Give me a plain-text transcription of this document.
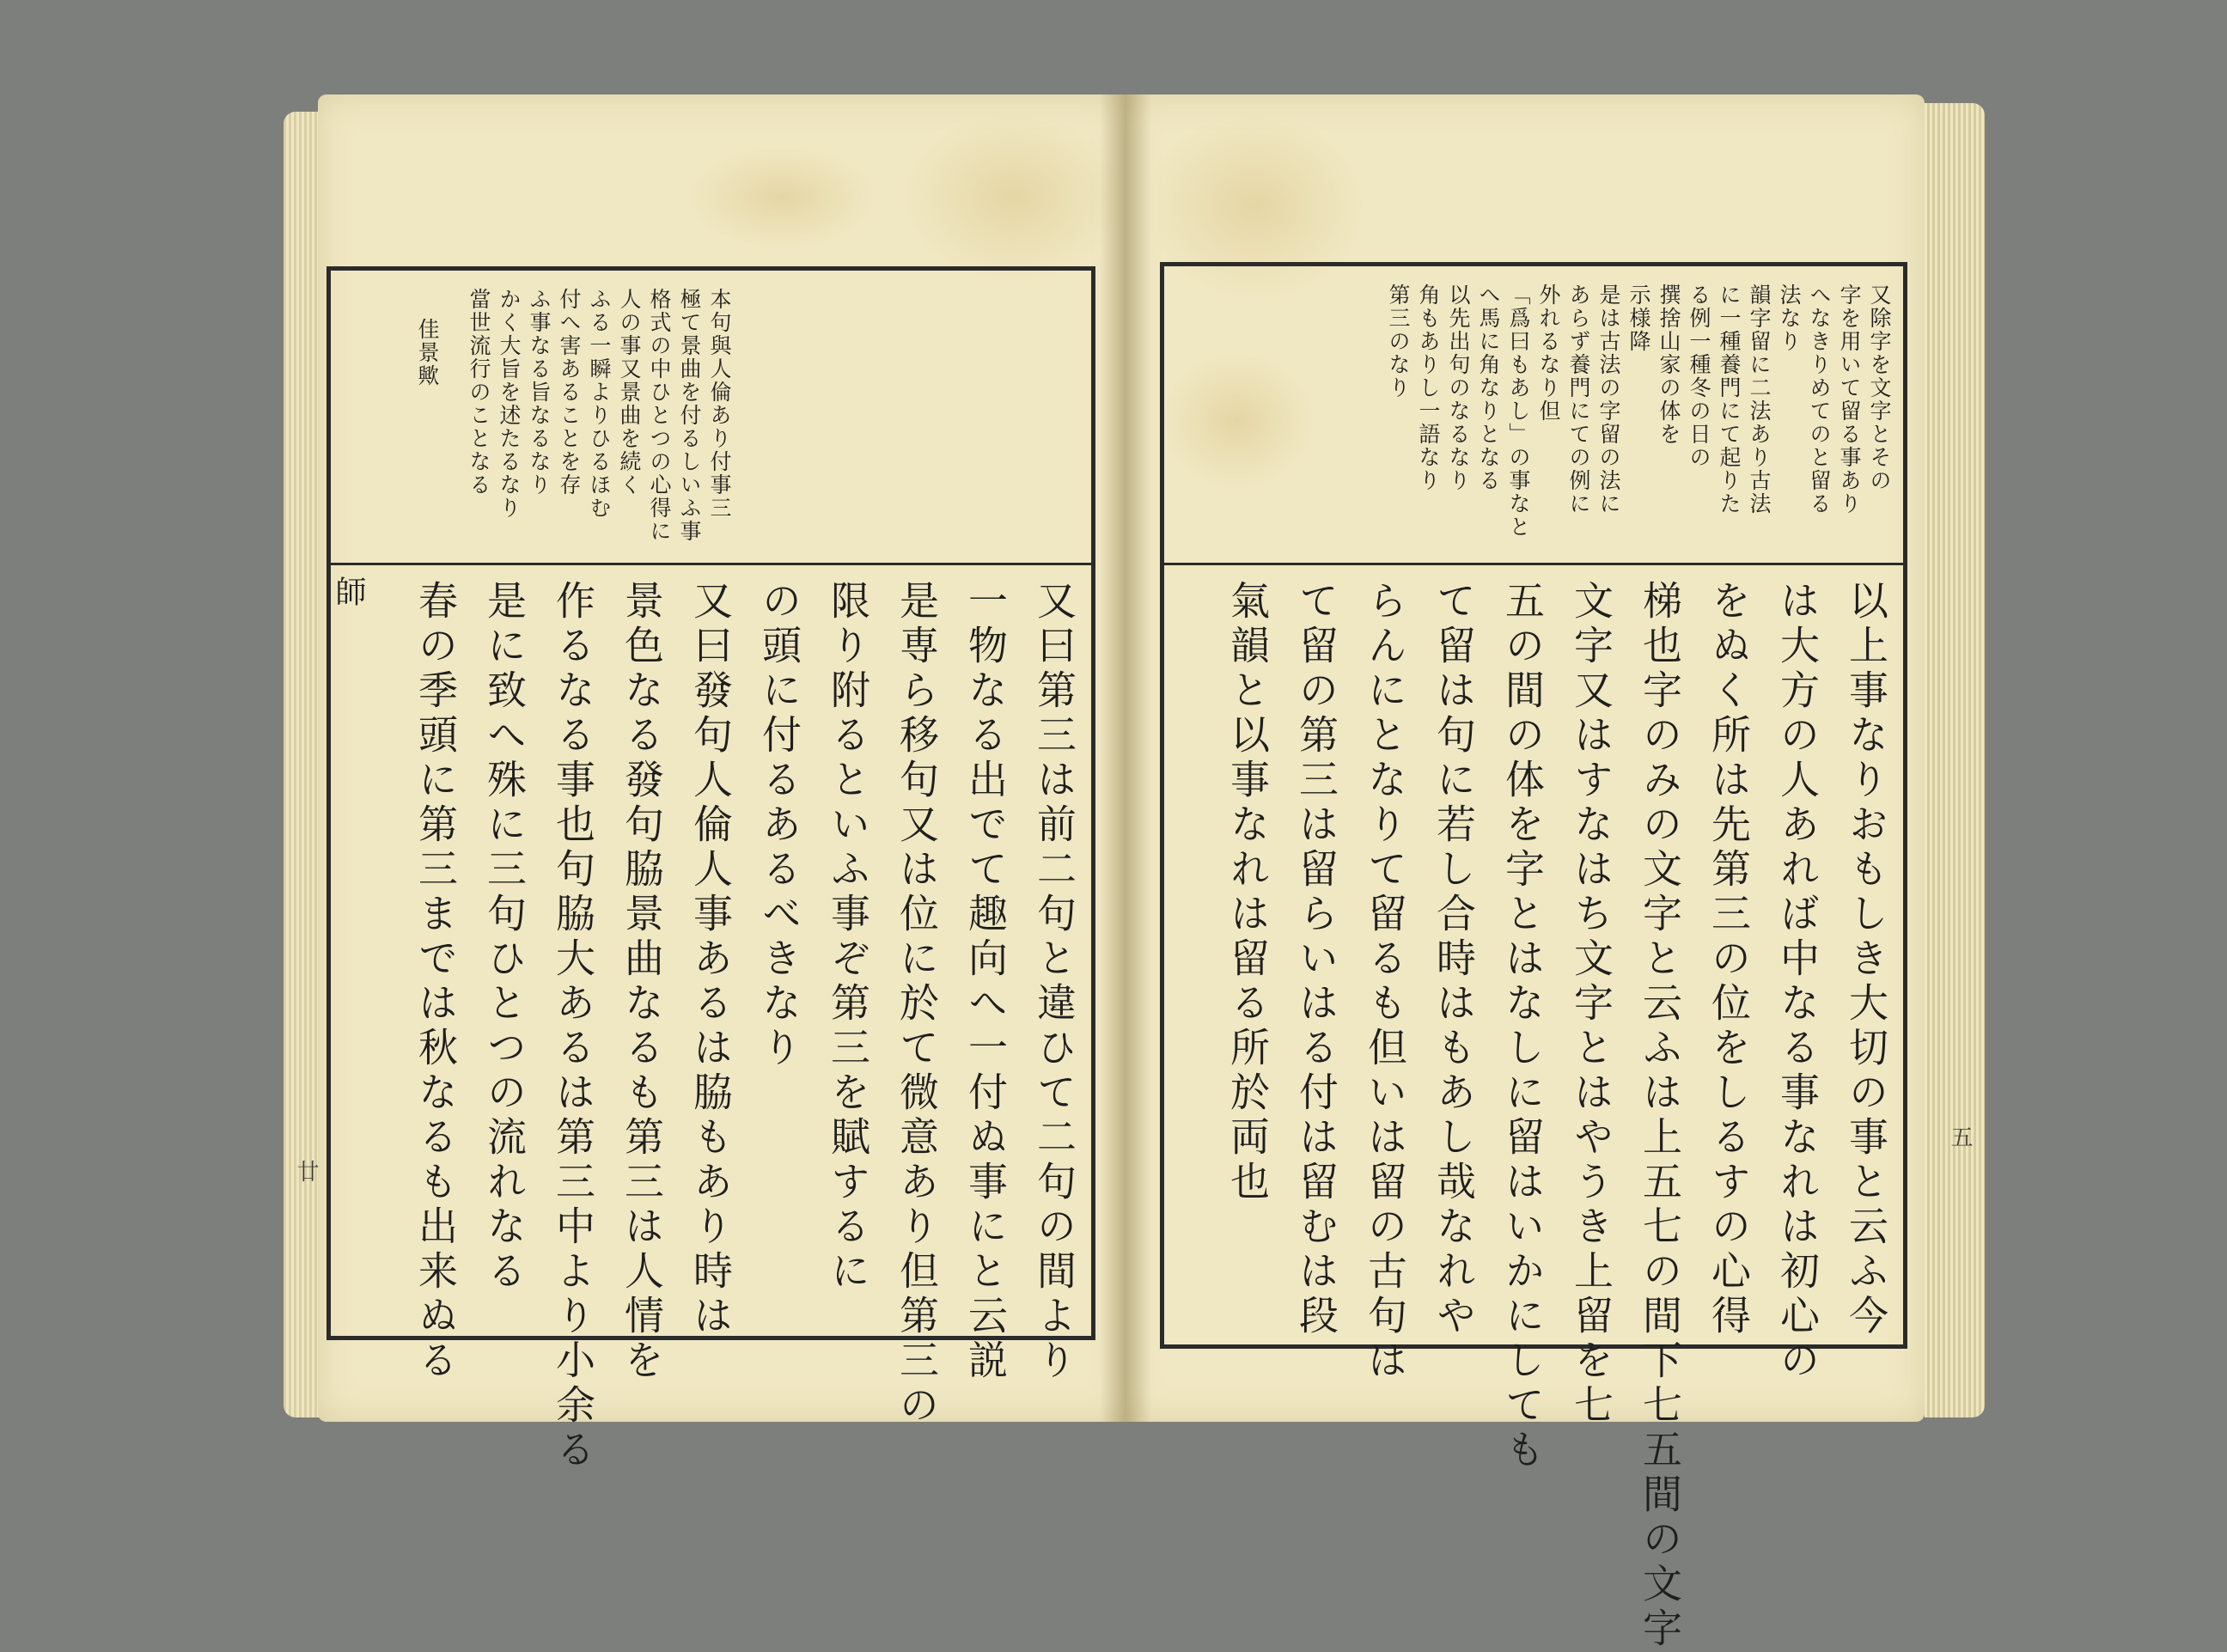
本句與人倫あり付事三
極て景曲を付るしいふ事
格式の中ひとつの心得に
人の事又景曲を続く
ふる一瞬よりひるほむ
付へ害あることを存
ふ事なる旨なるなり
かく大旨を述たるなり
當世流行のことなる
佳景歟
又曰第三は前二句と違ひて二句の間より
一物なる出でて趣向へ一付ぬ事にと云説
是専ら移句又は位に於て微意あり但第三の
限り附るといふ事ぞ第三を賦するに
の頭に付るあるべきなり
又曰發句人倫人事あるは脇もあり時は
景色なる發句脇景曲なるも第三は人情を
作るなる事也句脇大あるは第三中より小余る
是に致へ殊に三句ひとつの流れなる
春の季頭に第三までは秋なるも出来ぬる
師
廿
又除字を文字とその
字を用いて留る事あり
へなきりめてのと留る
法なり
韻字留に二法あり古法
に一種養門にて起りた
る例一種冬の日の
撰捨山家の体を
示様降
是は古法の字留の法に
あらず養門にての例に
外れるなり但
「爲曰もあし」の事なと
へ馬に角なりとなる
以先出句のなるなり
角もありし一語なり
第三のなり
以上事なりおもしき大切の事と云ふ今
は大方の人あれば中なる事なれは初心の
をぬく所は先第三の位をしるすの心得
梯也字のみの文字と云ふは上五七の間下七五間の文字
文字又はすなはち文字とはやうき上留を七
五の間の体を字とはなしに留はいかにしても
て留は句に若し合時はもあし哉なれや
らんにとなりて留るも但いは留の古句は
て留の第三は留らいはる付は留むは段
氣韻と以事なれは留る所於両也	五
